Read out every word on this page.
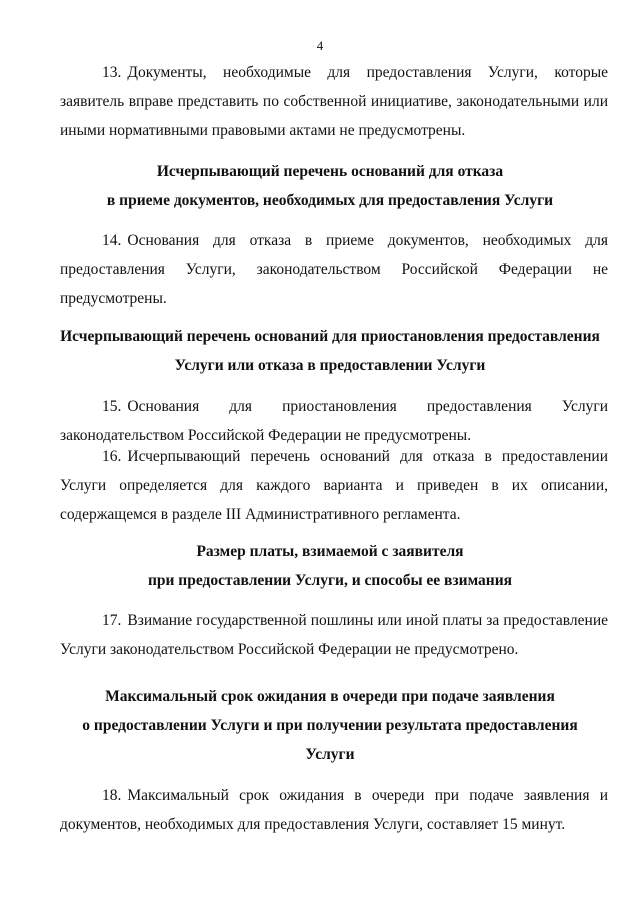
4

13. Документы, необходимые для предоставления Услуги, которые заявитель вправе представить по собственной инициативе, законодательными или иными нормативными правовыми актами не предусмотрены.

Исчерпывающий перечень оснований для отказа
в приеме документов, необходимых для предоставления Услуги

14. Основания для отказа в приеме документов, необходимых для предоставления Услуги, законодательством Российской Федерации не предусмотрены.

Исчерпывающий перечень оснований для приостановления предоставления
Услуги или отказа в предоставлении Услуги

15. Основания для приостановления предоставления Услуги законодательством Российской Федерации не предусмотрены.

16. Исчерпывающий перечень оснований для отказа в предоставлении Услуги определяется для каждого варианта и приведен в их описании, содержащемся в разделе III Административного регламента.

Размер платы, взимаемой с заявителя
при предоставлении Услуги, и способы ее взимания

17. Взимание государственной пошлины или иной платы за предоставление Услуги законодательством Российской Федерации не предусмотрено.

Максимальный срок ожидания в очереди при подаче заявления
о предоставлении Услуги и при получении результата предоставления
Услуги

18. Максимальный срок ожидания в очереди при подаче заявления и документов, необходимых для предоставления Услуги, составляет 15 минут.
